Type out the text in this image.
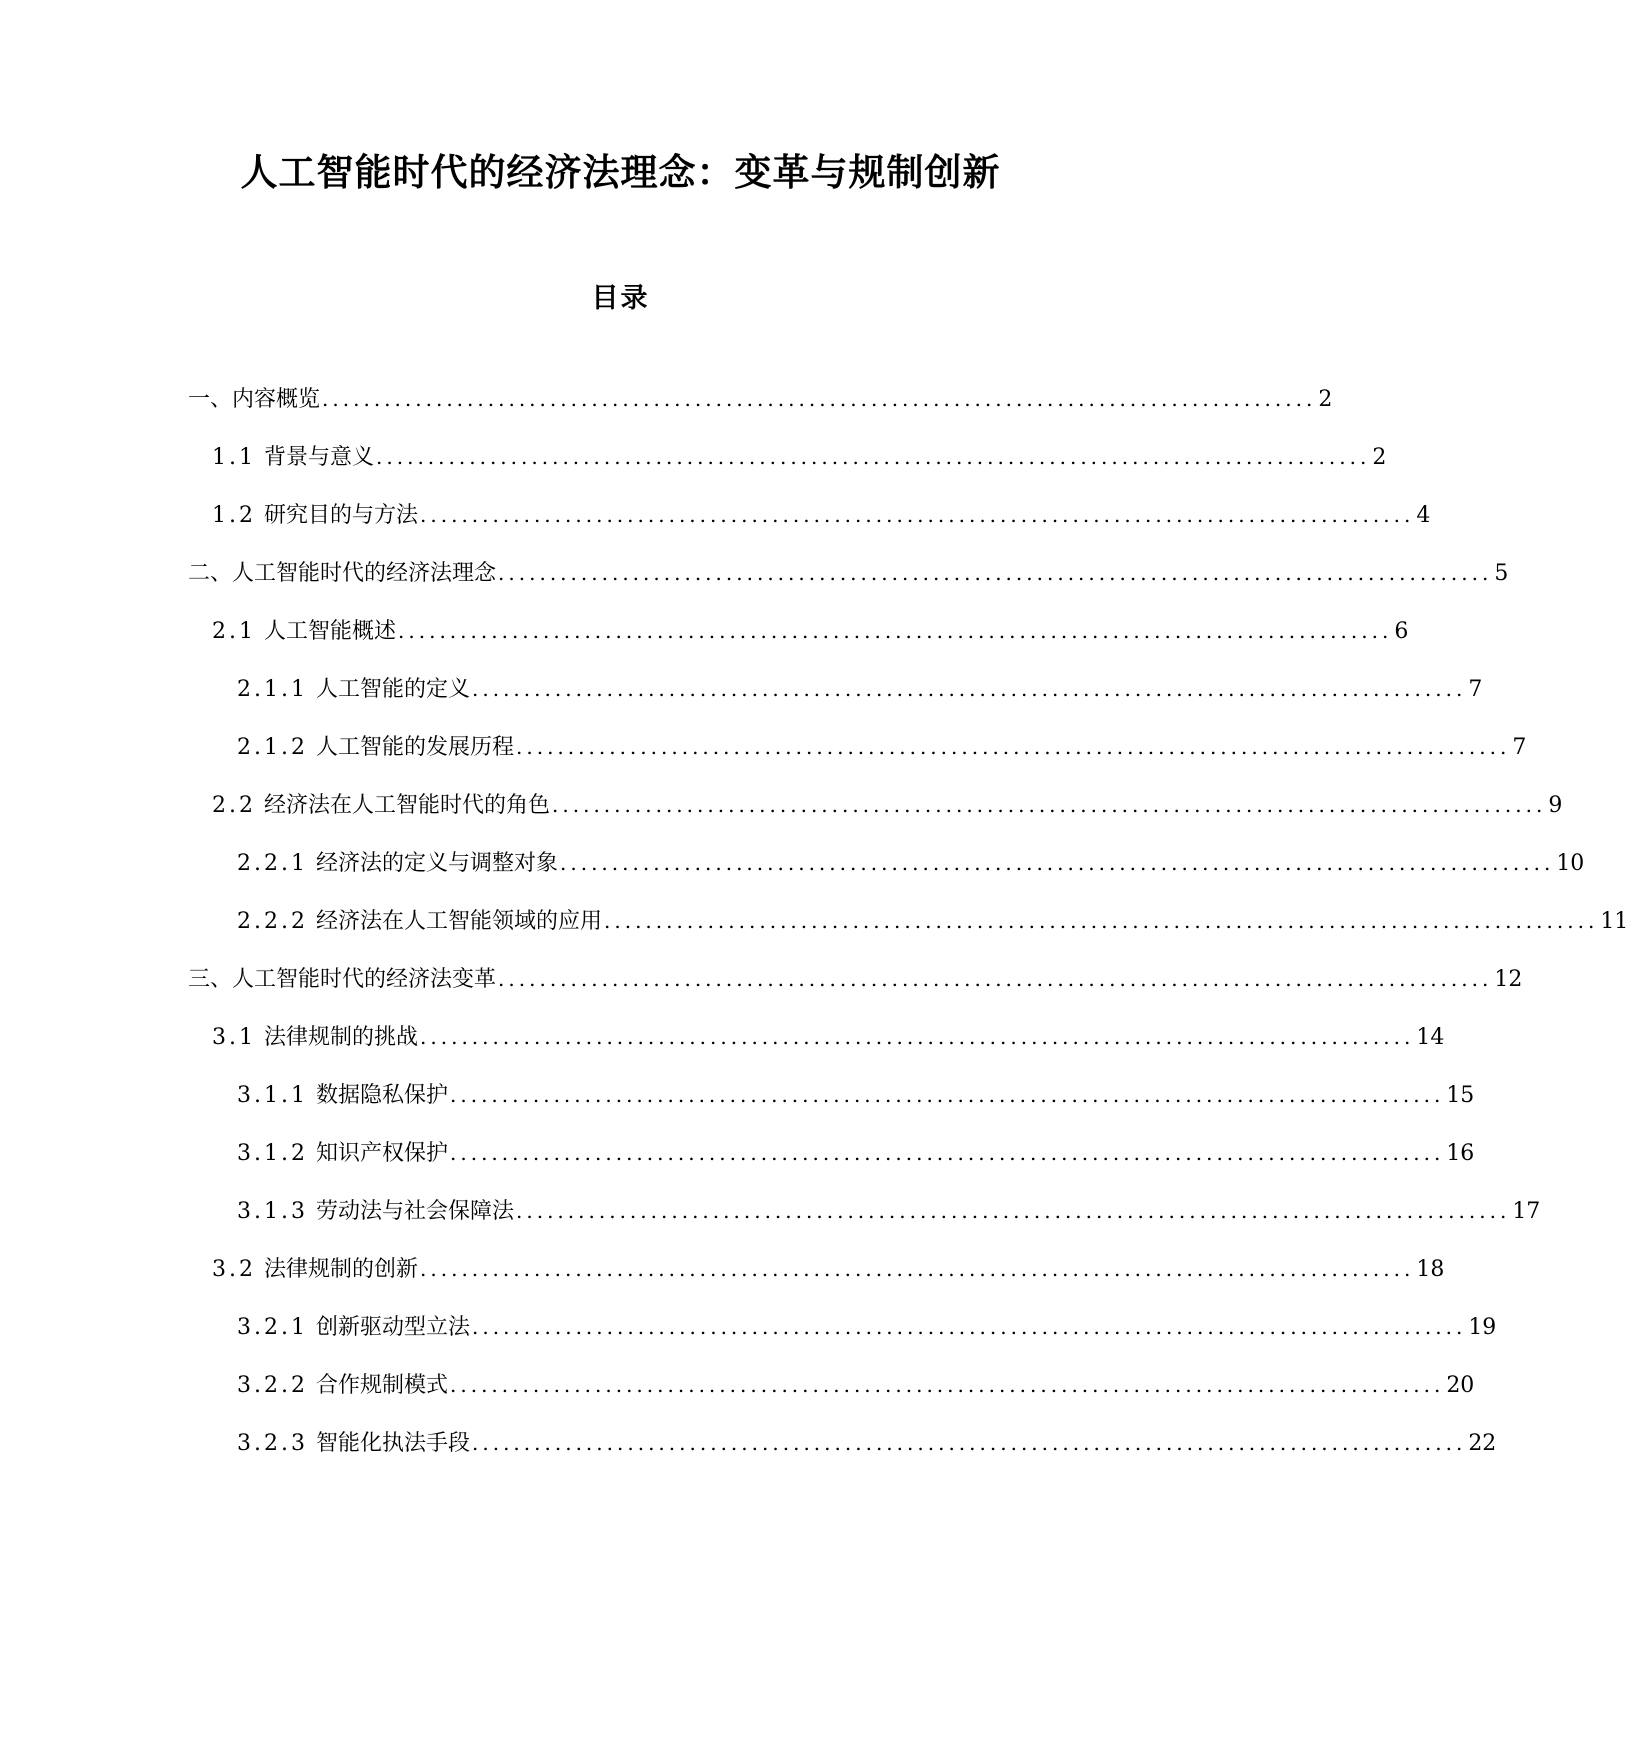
人工智能时代的经济法理念：变革与规制创新
目录
一、内容概览 ................................................................................................ 2
1.1 背景与意义 ................................................................................................ 2
1.2 研究目的与方法 ................................................................................................ 4
二、人工智能时代的经济法理念 ................................................................................................ 5
2.1 人工智能概述 ................................................................................................ 6
2.1.1 人工智能的定义 ................................................................................................ 7
2.1.2 人工智能的发展历程 ................................................................................................ 7
2.2 经济法在人工智能时代的角色 ................................................................................................ 9
2.2.1 经济法的定义与调整对象 ................................................................................................ 10
2.2.2 经济法在人工智能领域的应用 ................................................................................................ 11
三、人工智能时代的经济法变革 ................................................................................................ 12
3.1 法律规制的挑战 ................................................................................................ 14
3.1.1 数据隐私保护 ................................................................................................ 15
3.1.2 知识产权保护 ................................................................................................ 16
3.1.3 劳动法与社会保障法 ................................................................................................ 17
3.2 法律规制的创新 ................................................................................................ 18
3.2.1 创新驱动型立法 ................................................................................................ 19
3.2.2 合作规制模式 ................................................................................................ 20
3.2.3 智能化执法手段 ................................................................................................ 22
